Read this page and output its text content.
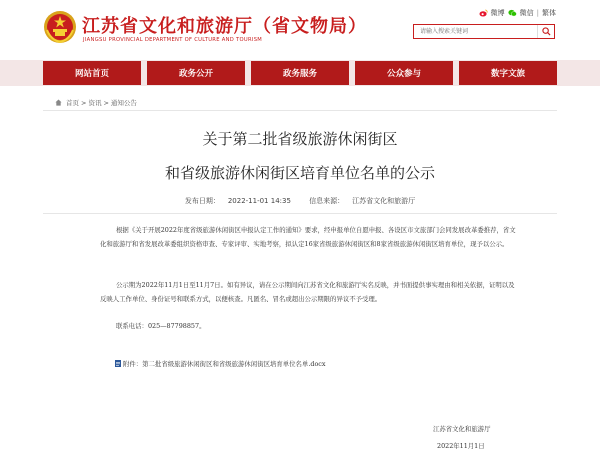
江苏省文化和旅游厅（省文物局）
JIANGSU PROVINCIAL DEPARTMENT OF CULTURE AND TOURISM
微博 微信 | 繁体
请输入搜索关键词
网站首页	政务公开	政务服务	公众参与	数字文旅
首页 > 资讯 > 通知公告
关于第二批省级旅游休闲街区
和省级旅游休闲街区培育单位名单的公示
发布日期： 2022-11-01 14:35	信息来源： 江苏省文化和旅游厅

根据《关于开展2022年度省级旅游休闲街区申报认定工作的通知》要求，经申报单位自愿申报、各设区市文旅部门会同发展改革委推荐，省文化和旅游厅和省发展改革委组织资格审查、专家评审、实地考察，拟认定16家省级旅游休闲街区和8家省级旅游休闲街区培育单位，现予以公示。

公示期为2022年11月1日至11月7日。如有异议，请在公示期间向江苏省文化和旅游厅实名反映，并书面提供事实理由和相关依据，证明以及反映人工作单位、身份证号和联系方式，以便核查。凡匿名、冒名或超出公示期限的异议不予受理。

联系电话：025—87798857。
附件：第二批省级旅游休闲街区和省级旅游休闲街区培育单位名单.docx
江苏省文化和旅游厅
2022年11月1日
